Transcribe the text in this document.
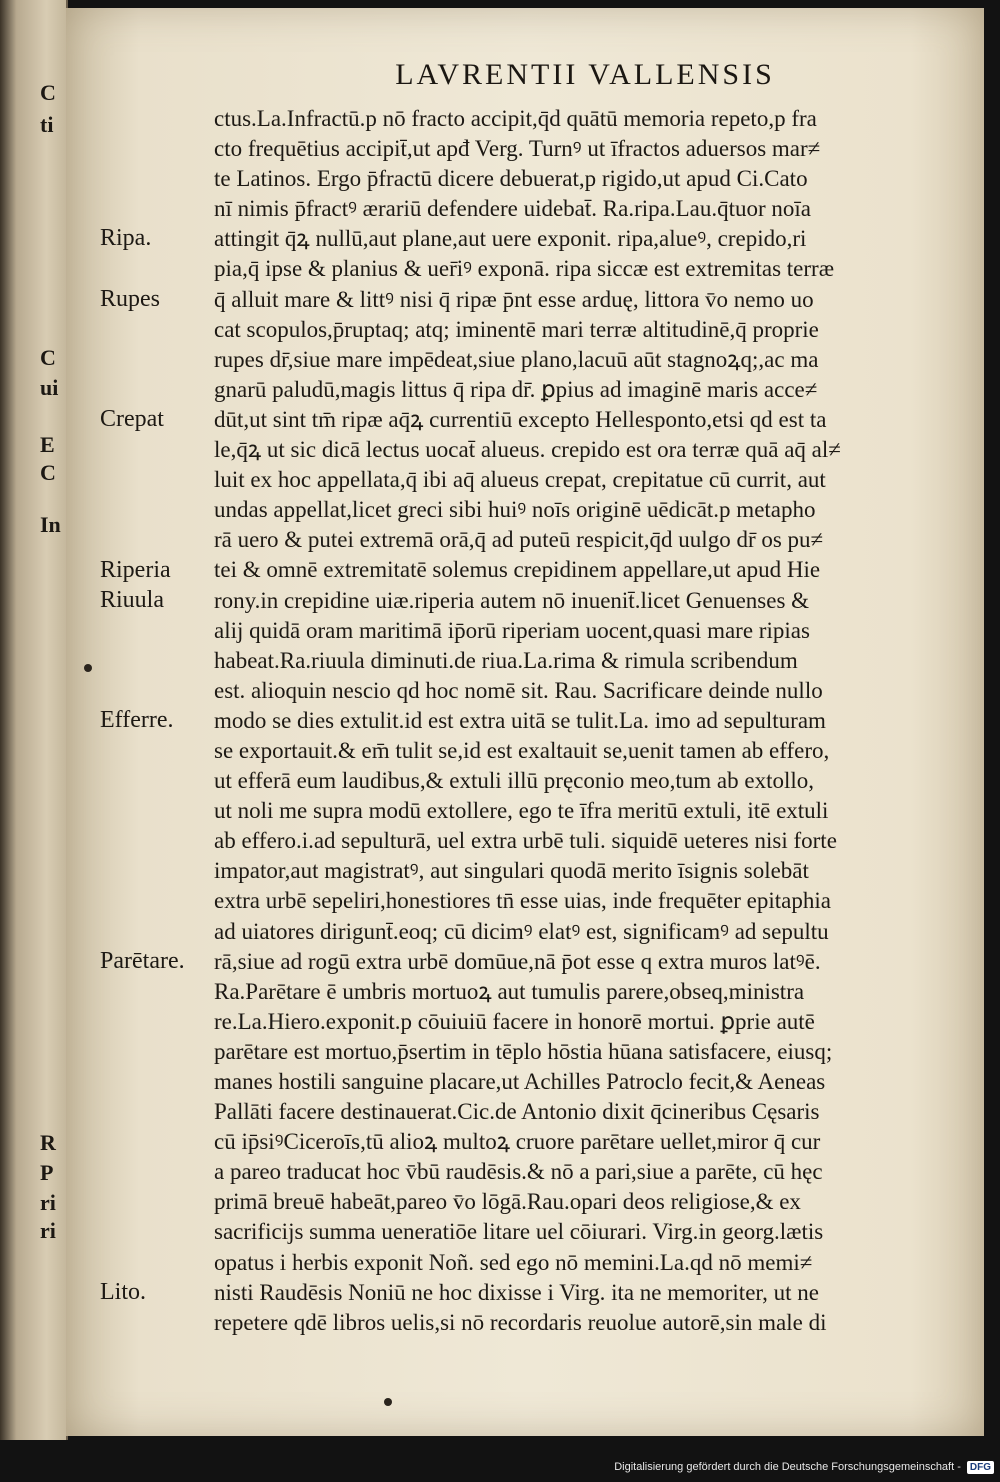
C
ti
C
ui
E
C
In
R
P
ri
ri
LAVRENTII VALLENSIS
Ripa.
Rupes
Crepat
Riperia
Riuula
Efferre.
Parētare.
Lito.
ctus.La.Infractū.p nō fracto accipit,q̄d quātū memoria repeto,p fra
cto frequētius accipit̄,ut apđ Verg. Turnꝰ ut īfractos aduersos mar≠
te Latinos. Ergo p̄fractū dicere debuerat,p rigido,ut apud Ci.Cato
nī nimis p̄fractꝰ ærariū defendere uidebat̄. Ra.ripa.Lau.q̄tuor noīa
attingit q̄ꝝ nullū,aut plane,aut uere exponit. ripa,alueꝰ, crepido,ri
pia,q̄ ipse & planius & uer̄iꝰ exponā. ripa siccæ est extremitas terræ
q̄ alluit mare & littꝰ nisi q̄ ripæ p̄nt esse arduę, littora v̄o nemo uo
cat scopulos,p̄ruptaq; atq; iminentē mari terræ altitudinē,q̄ proprie
rupes dr̄,siue mare impēdeat,siue plano,lacuū aūt stagnoꝝq;,ac ma
gnarū paludū,magis littus q̄ ripa dr̄. ꝑpius ad imaginē maris acce≠
dūt,ut sint tm̄ ripæ aq̄ꝝ currentiū excepto Hellespontο,etsi qd est ta
le,q̄ꝝ ut sic dicā lectus uocat̄ alueus. crepido est ora terræ quā aq̄ al≠
luit ex hoc appellata,q̄ ibi aq̄ alueus crepat, crepitatue cū currit, aut
undas appellat,licet greci sibi huiꝰ noīs originē uēdicāt.p metapho
rā uero & putei extremā orā,q̄ ad puteū respicit,q̄d uulgo dr̄ os pu≠
tei & omnē extremitatē solemus crepidinem appellare,ut apud Hie
rony.in crepidine uiæ.riperia autem nō inuenit̄.licet Genuenses &
alij quidā oram maritimā ip̄orū riperiam uocent,quasi mare ripias
habeat.Ra.riuula diminuti.de riua.La.rima & rimula scribendum
est. alioquin nescio qd hoc nomē sit. Rau. Sacrificare deinde nullo
modo se dies extulit.id est extra uitā se tulit.La. imo ad sepulturam
se exportauit.& em̄ tulit se,id est exaltauit se,uenit tamen ab effero,
ut efferā eum laudibus,& extuli illū pręconio meo,tum ab extollo,
ut noli me supra modū extollere, ego te īfra meritū extuli, itē extuli
ab effero.i.ad sepulturā, uel extra urbē tuli. siquidē ueteres nisi forte
impator,aut magistratꝰ, aut singulari quodā merito īsignis solebāt
extra urbē sepeliri,honestiores tn̄ esse uias, inde frequēter epitaphia
ad uiatores dirigunt̄.eoq; cū dicimꝰ elatꝰ est, significamꝰ ad sepultu
rā,siue ad rogū extra urbē domūue,nā p̄ot esse q extra muros latꝰē.
Ra.Parētare ē umbris mortuoꝝ aut tumulis parere,obseq,ministra
re.La.Hiero.exponit.p cōuiuiū facere in honorē mortui. ꝑprie autē
parētare est mortuo,p̄sertim in tēplo hōstia hūana satisfacere, eiusq;
manes hostili sanguine placare,ut Achilles Patroclo fecit,& Aeneas
Pallāti facere destinauerat.Cic.de Antonio dixit q̄cineribus Cęsaris
cū ip̄siꝰCiceroīs,tū alioꝝ multoꝝ cruore parētare uellet,miror q̄ cur
a pareo traducat hoc v̄bū raudēsis.& nō a pari,siue a parēte, cū hęc
primā breuē habeāt,pareo v̄o lōgā.Rau.opari deos religiose,& ex
sacrificijs summa ueneratiōe litare uel cōiurari. Virg.in georg.lætis
opatus i herbis exponit Noñ. sed ego nō memini.La.qd nō memi≠
nisti Raudēsis Noniū ne hoc dixisse i Virg. ita ne memoriter, ut ne
repetere qdē libros uelis,si nō recordaris reuolue autorē,sin male di
Digitalisierung gefördert durch die Deutsche Forschungsgemeinschaft - DFG
